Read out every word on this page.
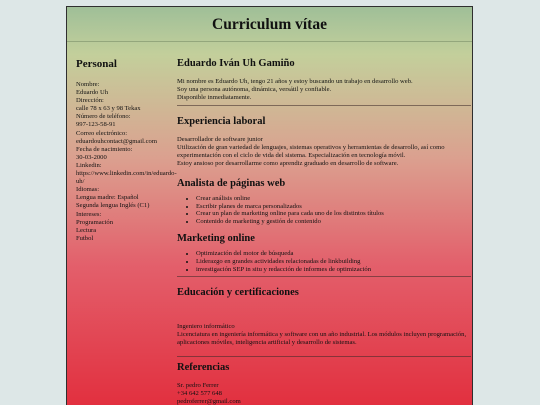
Curriculum vítae
Personal
Nombre:
Eduardo Uh
Dirección:
calle 78 x 63 y 98 Tekax
Número de teléfono:
997-123-58-91
Correo electrónico:
eduardouhcontact@gmail.com
Fecha de nacimiento:
30-03-2000
Linkedin:
https://www.linkedin.com/in/eduardo-
uh/
Idiomas:
Lengua madre: Español
Segunda lengua Inglés (C1)
Intereses:
Programación
Lectura
Futbol
Eduardo Iván Uh Gamiño

Mi nombre es Eduardo Uh, tengo 21 años y estoy buscando un trabajo en desarrollo web.

Soy una persona autónoma, dinámica, versátil y confiable.

Disponible inmediatamente.

Experiencia laboral

Desarrollador de software junior

Utilización de gran variedad de lenguajes, sistemas operativos y herramientas de desarrollo, así como experimentación con el ciclo de vida del sistema. Especialización en tecnología móvil.

Estoy ansioso por desarrollarme como aprendiz graduado en desarrollo de software.

Analista de páginas web
• Crear análisis online
• Escribir planes de marca personalizados
• Crear un plan de marketing online para cada uno de los distintos títulos
• Contenido de marketing y gestión de contenido
Marketing online
• Optimización del motor de búsqueda
• Liderazgo en grandes actividades relacionadas de linkbuilding
• investigación SEP in situ y redacción de informes de optimización
Educación y certificaciones

Ingeniero informático

Licenciatura en ingeniería informática y software con un año industrial. Los módulos incluyen programación, aplicaciones móviles, inteligencia artificial y desarrollo de sistemas.

Referencias

Sr. pedro Ferrer

+34 642 577 648

pedroferrer@gmail.com
